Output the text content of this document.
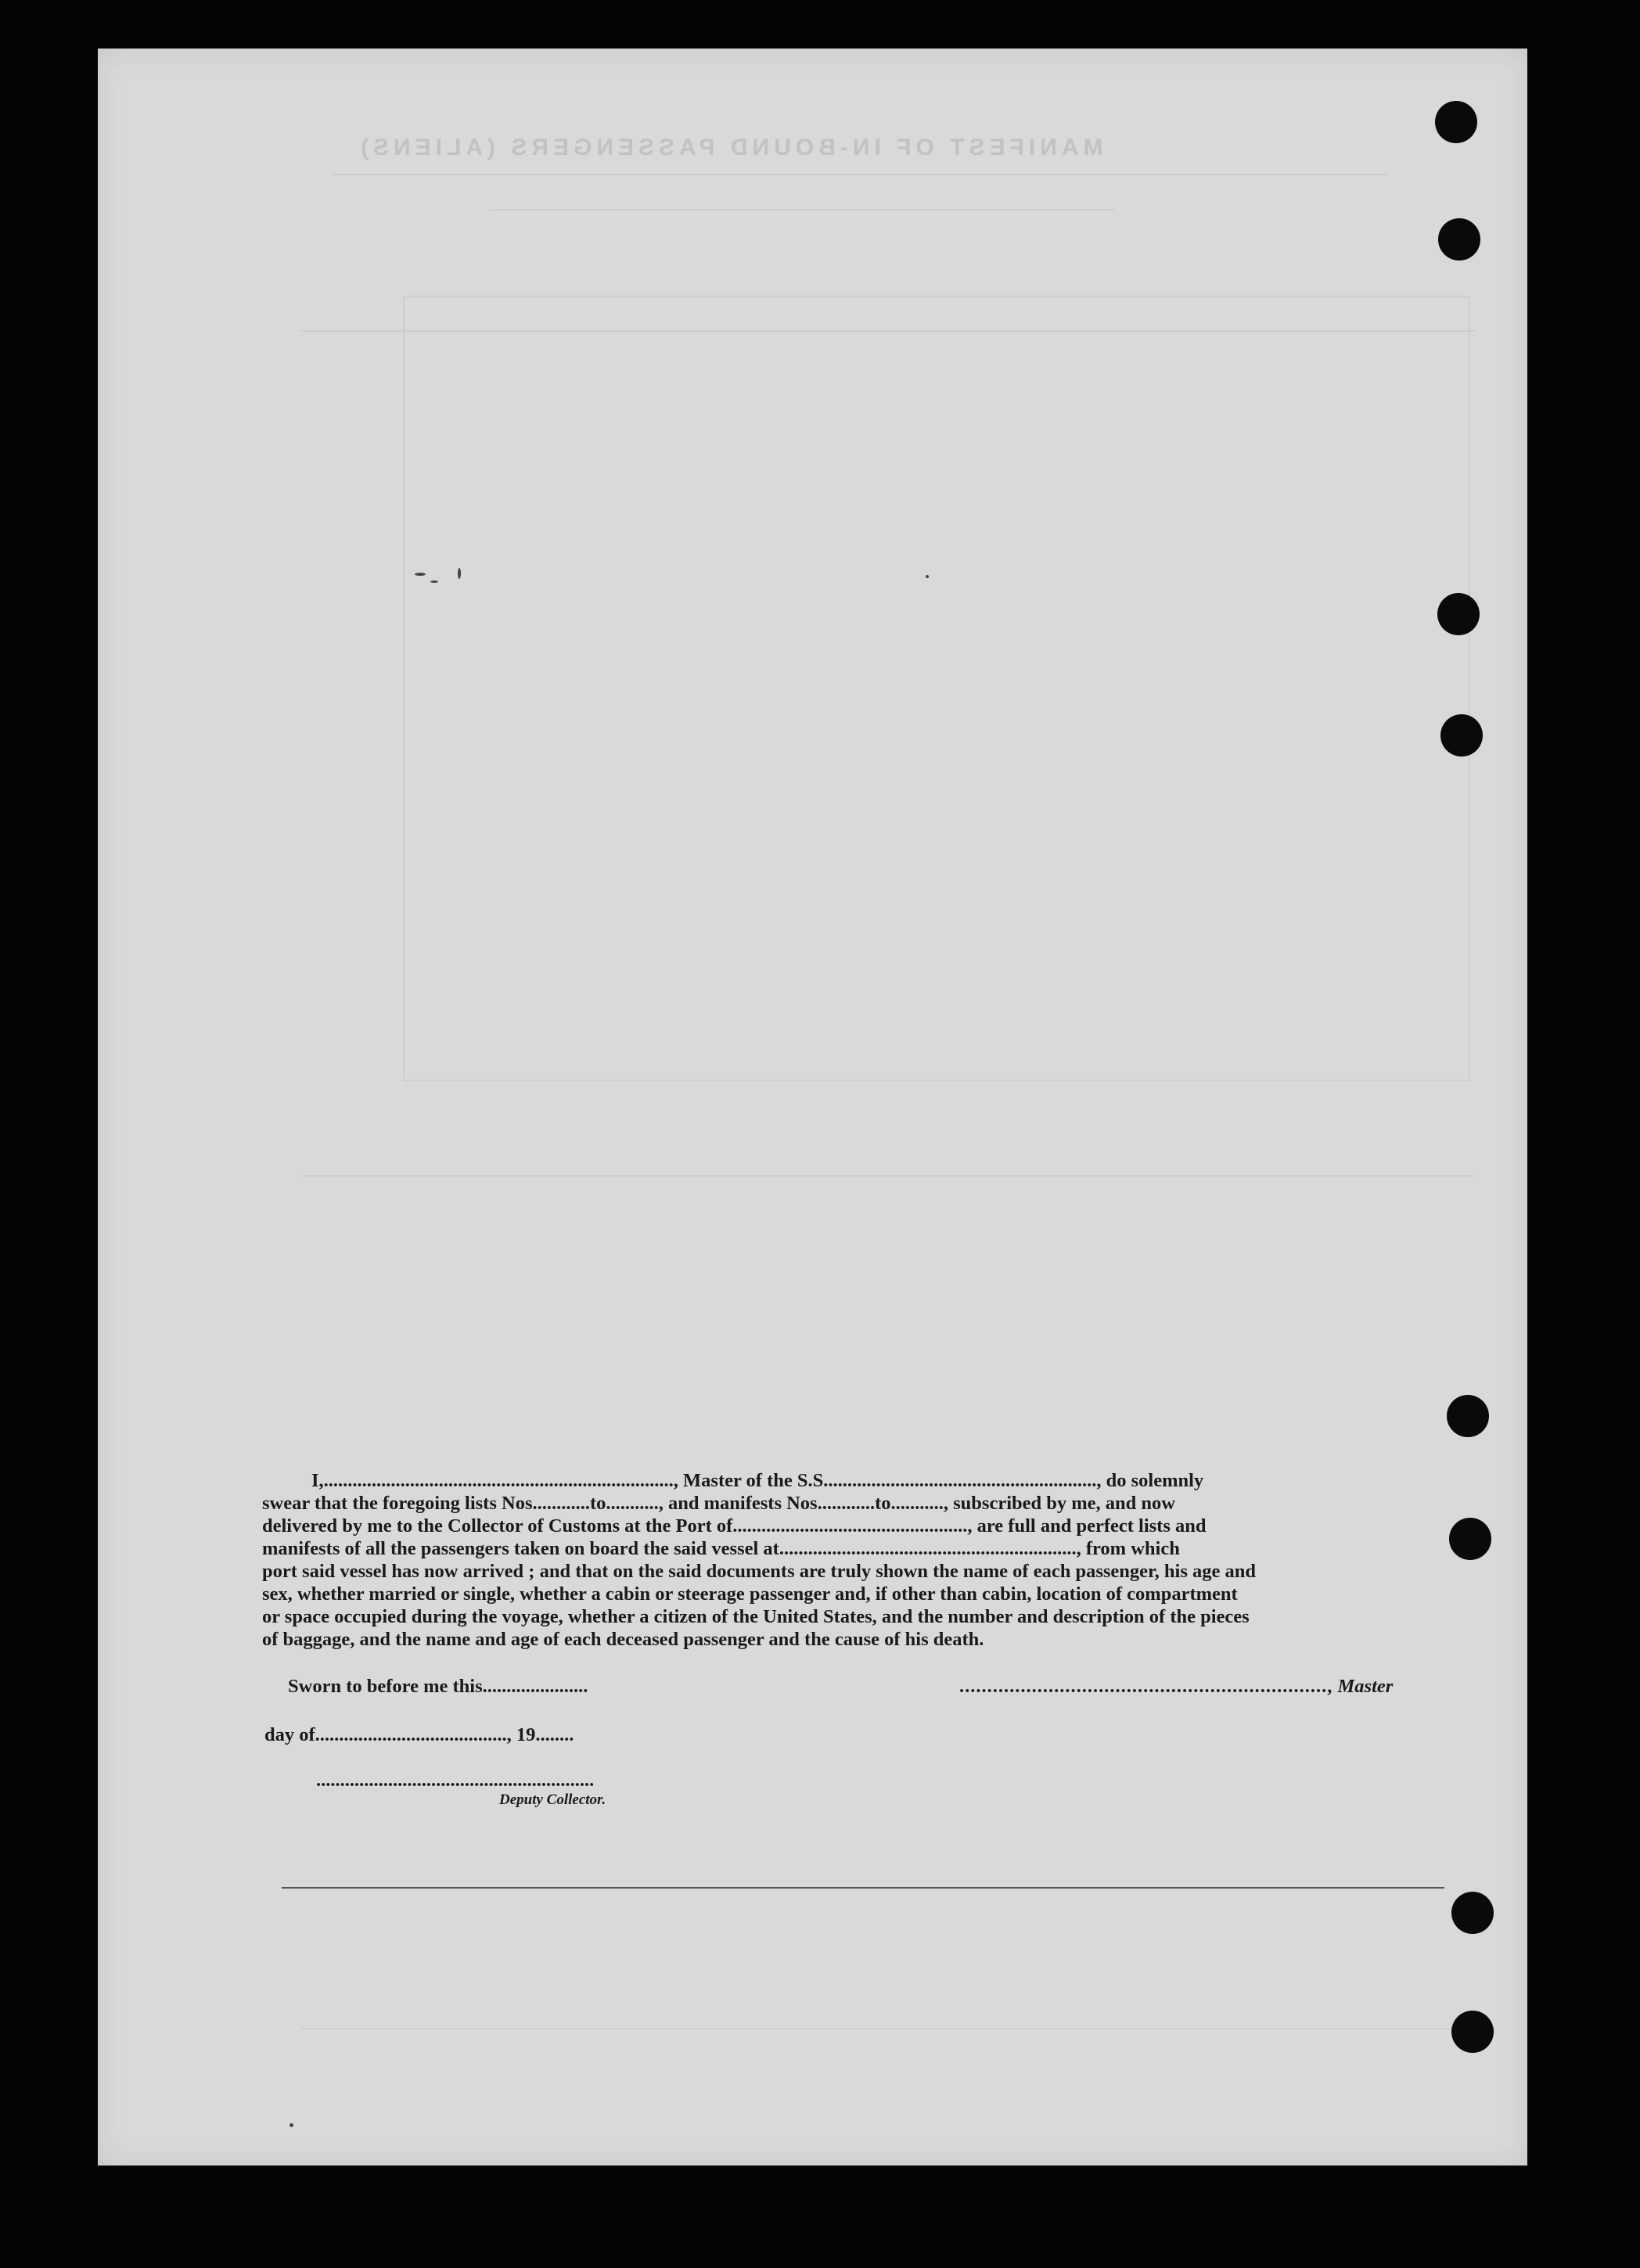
MANIFEST OF IN-BOUND PASSENGERS (ALIENS)
I,........................................................................., Master of the S.S........................................................., do solemnly
swear that the foregoing lists Nos............to..........., and manifests Nos............to..........., subscribed by me, and now
delivered by me to the Collector of Customs at the Port of................................................., are full and perfect lists and
manifests of all the passengers taken on board the said vessel at.............................................................., from which
port said vessel has now arrived ; and that on the said documents are truly shown the name of each passenger, his age and
sex, whether married or single, whether a cabin or steerage passenger and, if other than cabin, location of compartment
or space occupied during the voyage, whether a citizen of the United States, and the number and description of the pieces
of baggage, and the name and age of each deceased passenger and the cause of his death.
Sworn to before me this......................	.................................................................., Master
day of........................................, 19........
..........................................................
Deputy Collector.
